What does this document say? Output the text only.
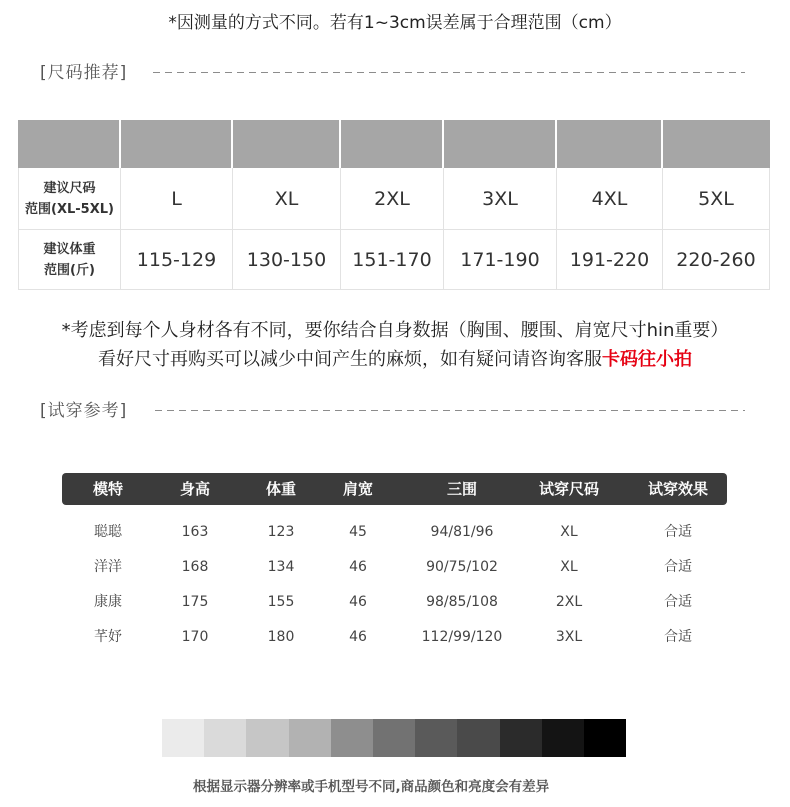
*因测量的方式不同。若有1~3cm误差属于合理范围（cm）
[尺码推荐]

建议尺码
范围(XL-5XL)	L	XL	2XL	3XL	4XL	5XL

建议体重
范围(斤)	115-129	130-150	151-170	171-190	191-220	220-260
*考虑到每个人身材各有不同，要你结合自身数据（胸围、腰围、肩宽尺寸hin重要）
看好尺寸再购买可以减少中间产生的麻烦，如有疑问请咨询客服卡码往小拍
[试穿参考]
模特	身高	体重	肩宽	三围	试穿尺码	试穿效果
聪聪	163	123	45	94/81/96	XL	合适
洋洋	168	134	46	90/75/102	XL	合适
康康	175	155	46	98/85/108	2XL	合适
芊妤	170	180	46	112/99/120	3XL	合适
根据显示器分辨率或手机型号不同,商品颜色和亮度会有差异
